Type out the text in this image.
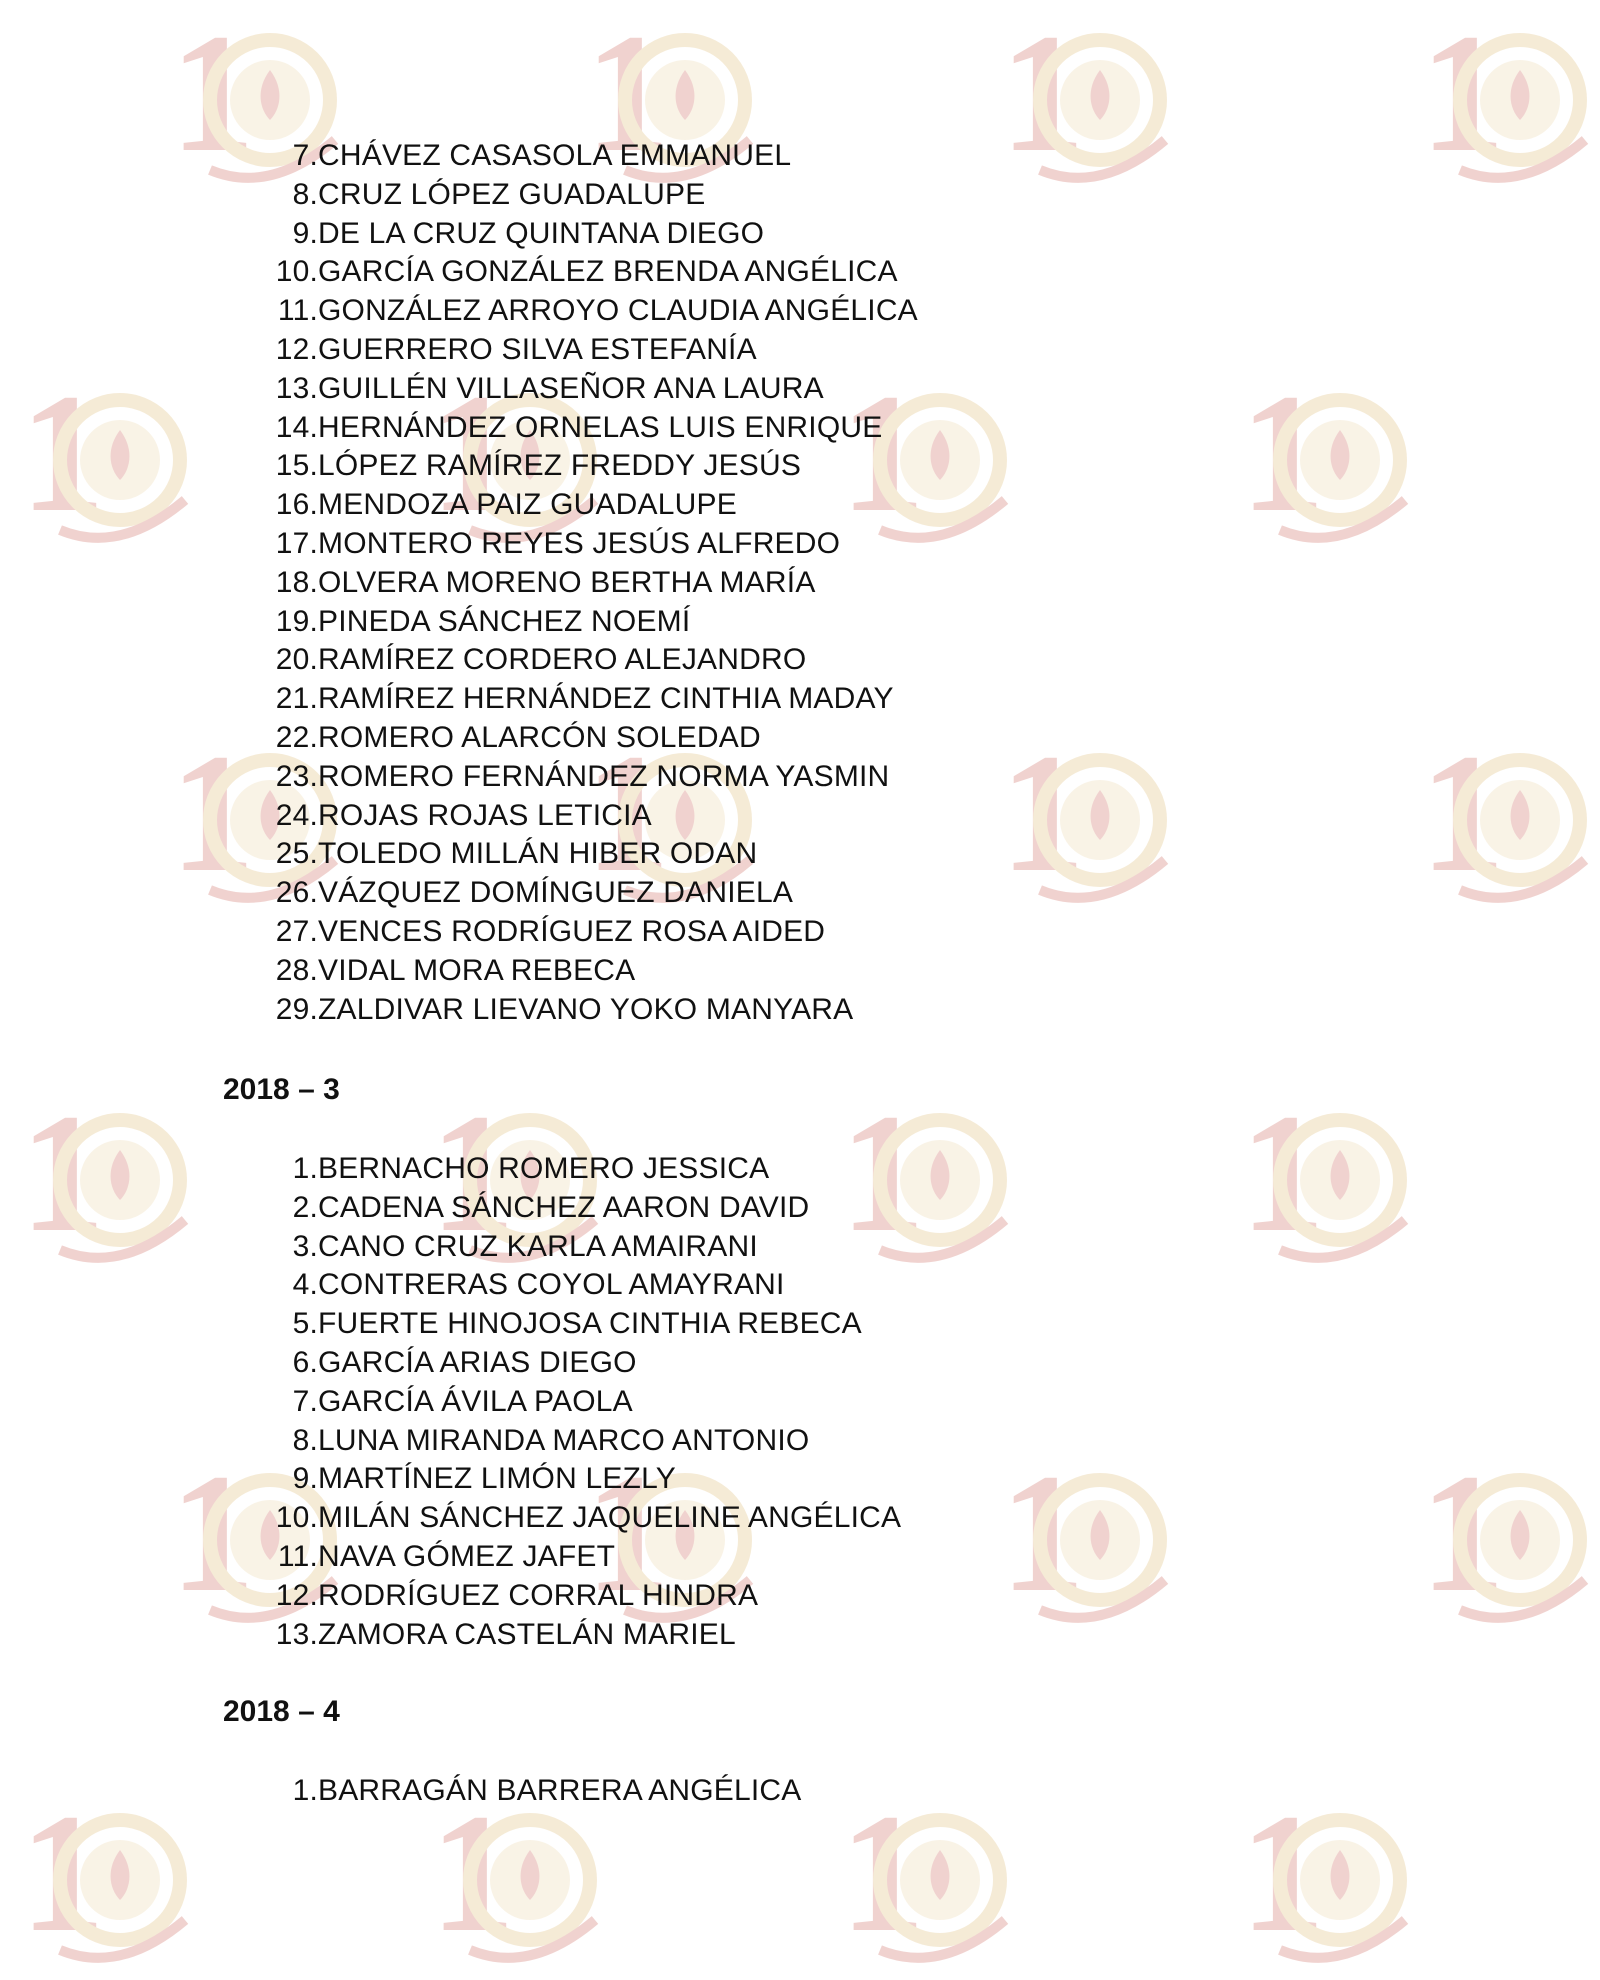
1 1 1 1
1 1 1 1
1 1 1 1
1 1 1 1
1 1 1 1
1 1 1 1
7. CHÁVEZ CASASOLA EMMANUEL
8. CRUZ LÓPEZ GUADALUPE
9. DE LA CRUZ QUINTANA DIEGO
10. GARCÍA GONZÁLEZ BRENDA ANGÉLICA
11. GONZÁLEZ ARROYO CLAUDIA ANGÉLICA
12. GUERRERO SILVA ESTEFANÍA
13. GUILLÉN VILLASEÑOR ANA LAURA
14. HERNÁNDEZ ORNELAS LUIS ENRIQUE
15. LÓPEZ RAMÍREZ FREDDY JESÚS
16. MENDOZA PAIZ GUADALUPE
17. MONTERO REYES JESÚS ALFREDO
18. OLVERA MORENO BERTHA MARÍA
19. PINEDA SÁNCHEZ NOEMÍ
20. RAMÍREZ CORDERO ALEJANDRO
21. RAMÍREZ HERNÁNDEZ CINTHIA MADAY
22. ROMERO ALARCÓN SOLEDAD
23. ROMERO FERNÁNDEZ NORMA YASMIN
24. ROJAS ROJAS LETICIA
25. TOLEDO MILLÁN HIBER ODAN
26. VÁZQUEZ DOMÍNGUEZ DANIELA
27. VENCES RODRÍGUEZ ROSA AIDED
28. VIDAL MORA REBECA
29. ZALDIVAR LIEVANO YOKO MANYARA
2018 – 3
1. BERNACHO ROMERO JESSICA
2. CADENA SÁNCHEZ AARON DAVID
3. CANO CRUZ KARLA AMAIRANI
4. CONTRERAS COYOL AMAYRANI
5. FUERTE HINOJOSA CINTHIA REBECA
6. GARCÍA ARIAS DIEGO
7. GARCÍA ÁVILA PAOLA
8. LUNA MIRANDA MARCO ANTONIO
9. MARTÍNEZ LIMÓN LEZLY
10. MILÁN SÁNCHEZ JAQUELINE ANGÉLICA
11. NAVA GÓMEZ JAFET
12. RODRÍGUEZ CORRAL HINDRA
13. ZAMORA CASTELÁN MARIEL
2018 – 4
1. BARRAGÁN BARRERA ANGÉLICA
